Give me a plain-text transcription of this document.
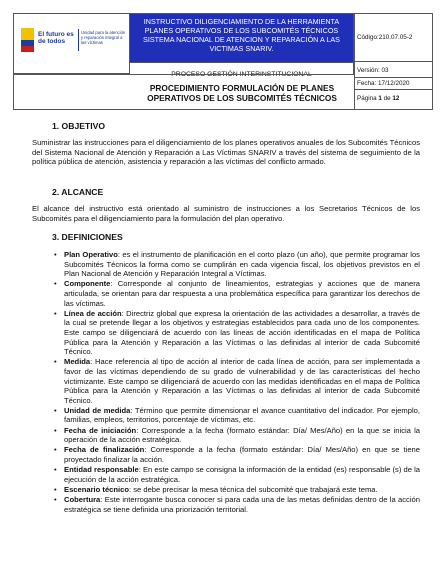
El futuro es de todos
Unidad para la atención y reparación integral a las víctimas
INSTRUCTIVO DILIGENCIAMIENTO DE LA HERRAMIENTA PLANES OPERATIVOS DE LOS SUBCOMITÉS TÉCNICOS SISTEMA NACIONAL DE ATENCION Y REPARACIÓN A LAS VICTIMAS SNARIV.
Código:210.07.05-2
Versión: 03
Fecha: 17/12/2020
PROCEDIMIENTO FORMULACIÓN DE PLANES OPERATIVOS DE LOS SUBCOMITÉS TÉCNICOS	Página 1 de 12
1. OBJETIVO
Suministrar las instrucciones para el diligenciamiento de los planes operativos anuales de los Subcomités Técnicos del Sistema Nacional de Atención y Reparación a Las Víctimas SNARIV a través del sistema de seguimiento de la política pública de atención, asistencia y reparación a las víctimas del conflicto armado.
2. ALCANCE
El alcance del instructivo está orientado al suministro de instrucciones a los Secretarios Técnicos de los Subcomités para el diligenciamiento para la formulación del plan operativo.
3. DEFINICIONES
• Plan Operativo: es el instrumento de planificación en el corto plazo (un año), que permite programar los Subcomités Técnicos la forma como se cumplirán en cada vigencia fiscal, los objetivos previstos en el Plan Nacional de Atención y Reparación Integral a Víctimas.
• Componente: Corresponde al conjunto de lineamientos, estrategias y acciones que de manera articulada, se orientan para dar respuesta a una problemática específica para garantizar los derechos de las víctimas.
• Línea de acción: Directriz global que expresa la orientación de las actividades a desarrollar, a través de la cual se pretende llegar a los objetivos y estrategias establecidos para cada uno de los componentes. Este campo se diligenciará de acuerdo con las líneas de acción identificadas en el mapa de Política Pública para la Atención y Reparación a las Víctimas o las definidas al interior de cada Subcomité Técnico.
• Medida: Hace referencia al tipo de acción al interior de cada línea de acción, para ser implementada a favor de las víctimas dependiendo de su grado de vulnerabilidad y de las características del hecho victimizante. Este campo se diligenciará de acuerdo con las medidas identificadas en el mapa de Política Pública para la Atención y Reparación a las Víctimas o las definidas al interior de cada Subcomité Técnico.
• Unidad de medida: Término que permite dimensionar el avance cuantitativo del indicador. Por ejemplo, familias, empleos, territorios, porcentaje de víctimas, etc.
• Fecha de iniciación: Corresponde a la fecha (formato estándar: Día/ Mes/Año) en la que se inicia la operación de la acción estratégica.
• Fecha de finalización: Corresponde a la fecha (formato estándar: Día/ Mes/Año) en que se tiene proyectado finalizar la acción.
• Entidad responsable: En este campo se consigna la información de la entidad (es) responsable (s) de la ejecución de la acción estratégica.
• Escenario técnico: se debe precisar la mesa técnica del subcomité que trabajará este tema.
• Cobertura: Este interrogante busca conocer si para cada una de las metas definidas dentro de la acción estratégica se tiene definida una priorización territorial.
